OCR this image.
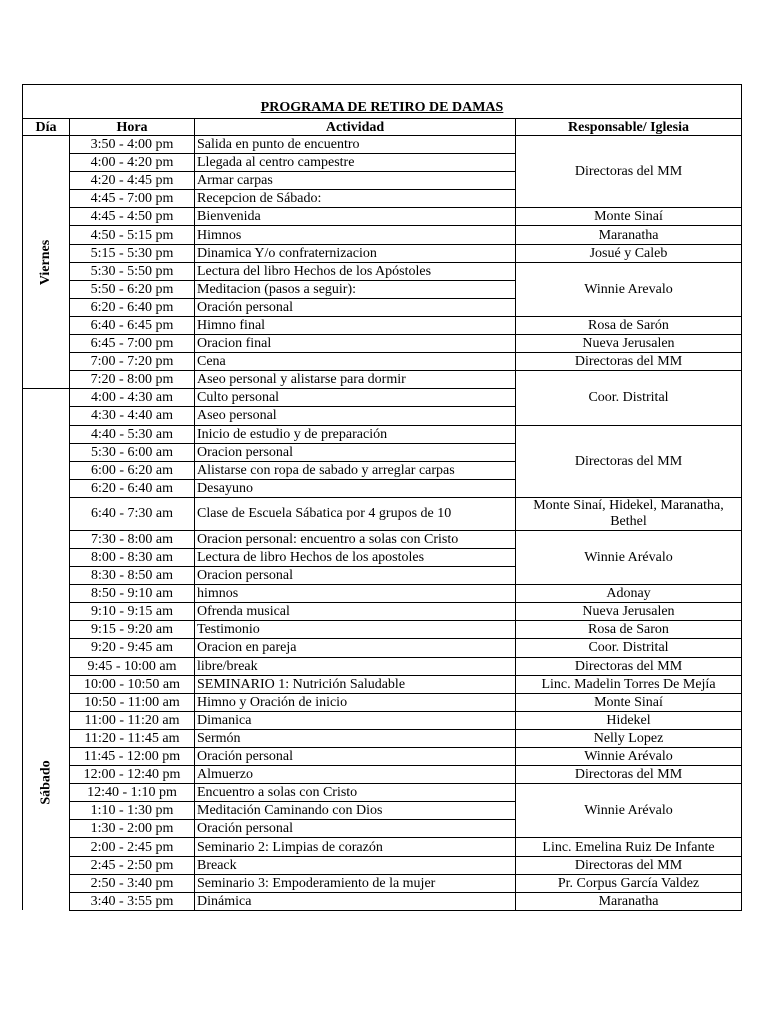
PROGRAMA DE RETIRO DE DAMAS			
Día	Hora	Actividad	Responsable/ Iglesia
Viernes	3:50 - 4:00 pm	Salida en punto de encuentro	Directoras del MM
	4:00 - 4:20 pm	Llegada al centro campestre	
	4:20 - 4:45 pm	Armar carpas	
	4:45 - 7:00 pm	Recepcion de Sábado:	
	4:45 - 4:50 pm	Bienvenida	Monte Sinaí
	4:50 - 5:15 pm	Himnos	Maranatha
	5:15 - 5:30 pm	Dinamica Y/o confraternizacion	Josué y Caleb
	5:30 - 5:50 pm	Lectura del libro Hechos de los Apóstoles	Winnie Arevalo
	5:50 - 6:20 pm	Meditacion (pasos a seguir):	
	6:20 - 6:40 pm	Oración personal	
	6:40 - 6:45 pm	Himno final	Rosa de Sarón
	6:45 - 7:00 pm	Oracion final	Nueva Jerusalen
	7:00 - 7:20 pm	Cena	Directoras del MM
	7:20 - 8:00 pm	Aseo personal y alistarse para dormir	Coor. Distrital
Sábado	4:00 - 4:30 am	Culto personal	
	4:30 - 4:40 am	Aseo personal	
	4:40 - 5:30 am	Inicio de estudio y de preparación	Directoras del MM
	5:30 - 6:00 am	Oracion personal	
	6:00 - 6:20 am	Alistarse con ropa de sabado y arreglar carpas	
	6:20 - 6:40 am	Desayuno	
	6:40 - 7:30 am	Clase de Escuela Sábatica por 4 grupos de 10	Monte Sinaí, Hidekel, Maranatha, Bethel
	7:30 - 8:00 am	Oracion personal: encuentro a solas con Cristo	Winnie Arévalo
	8:00 - 8:30 am	Lectura de libro Hechos de los apostoles	
	8:30 - 8:50 am	Oracion personal	
	8:50 - 9:10 am	himnos	Adonay
	9:10 - 9:15 am	Ofrenda musical	Nueva Jerusalen
	9:15 - 9:20 am	Testimonio	Rosa de Saron
	9:20 - 9:45 am	Oracion en pareja	Coor. Distrital
	9:45 - 10:00 am	libre/break	Directoras del MM
	10:00 - 10:50 am	SEMINARIO 1: Nutrición Saludable	Linc. Madelin Torres De Mejía
	10:50 - 11:00 am	Himno y Oración de inicio	Monte Sinaí
	11:00 - 11:20 am	Dimanica	Hidekel
	11:20 - 11:45 am	Sermón	Nelly Lopez
	11:45 - 12:00 pm	Oración personal	Winnie Arévalo
	12:00 - 12:40 pm	Almuerzo	Directoras del MM
	12:40 - 1:10 pm	Encuentro a solas con Cristo	Winnie Arévalo
	1:10 - 1:30 pm	Meditación Caminando con Dios	
	1:30 - 2:00 pm	Oración personal	
	2:00 - 2:45 pm	Seminario 2: Limpias de corazón	Linc. Emelina Ruiz De Infante
	2:45 - 2:50 pm	Breack	Directoras del MM
	2:50 - 3:40 pm	Seminario 3: Empoderamiento de la mujer	Pr. Corpus García Valdez
	3:40 - 3:55 pm	Dinámica	Maranatha
